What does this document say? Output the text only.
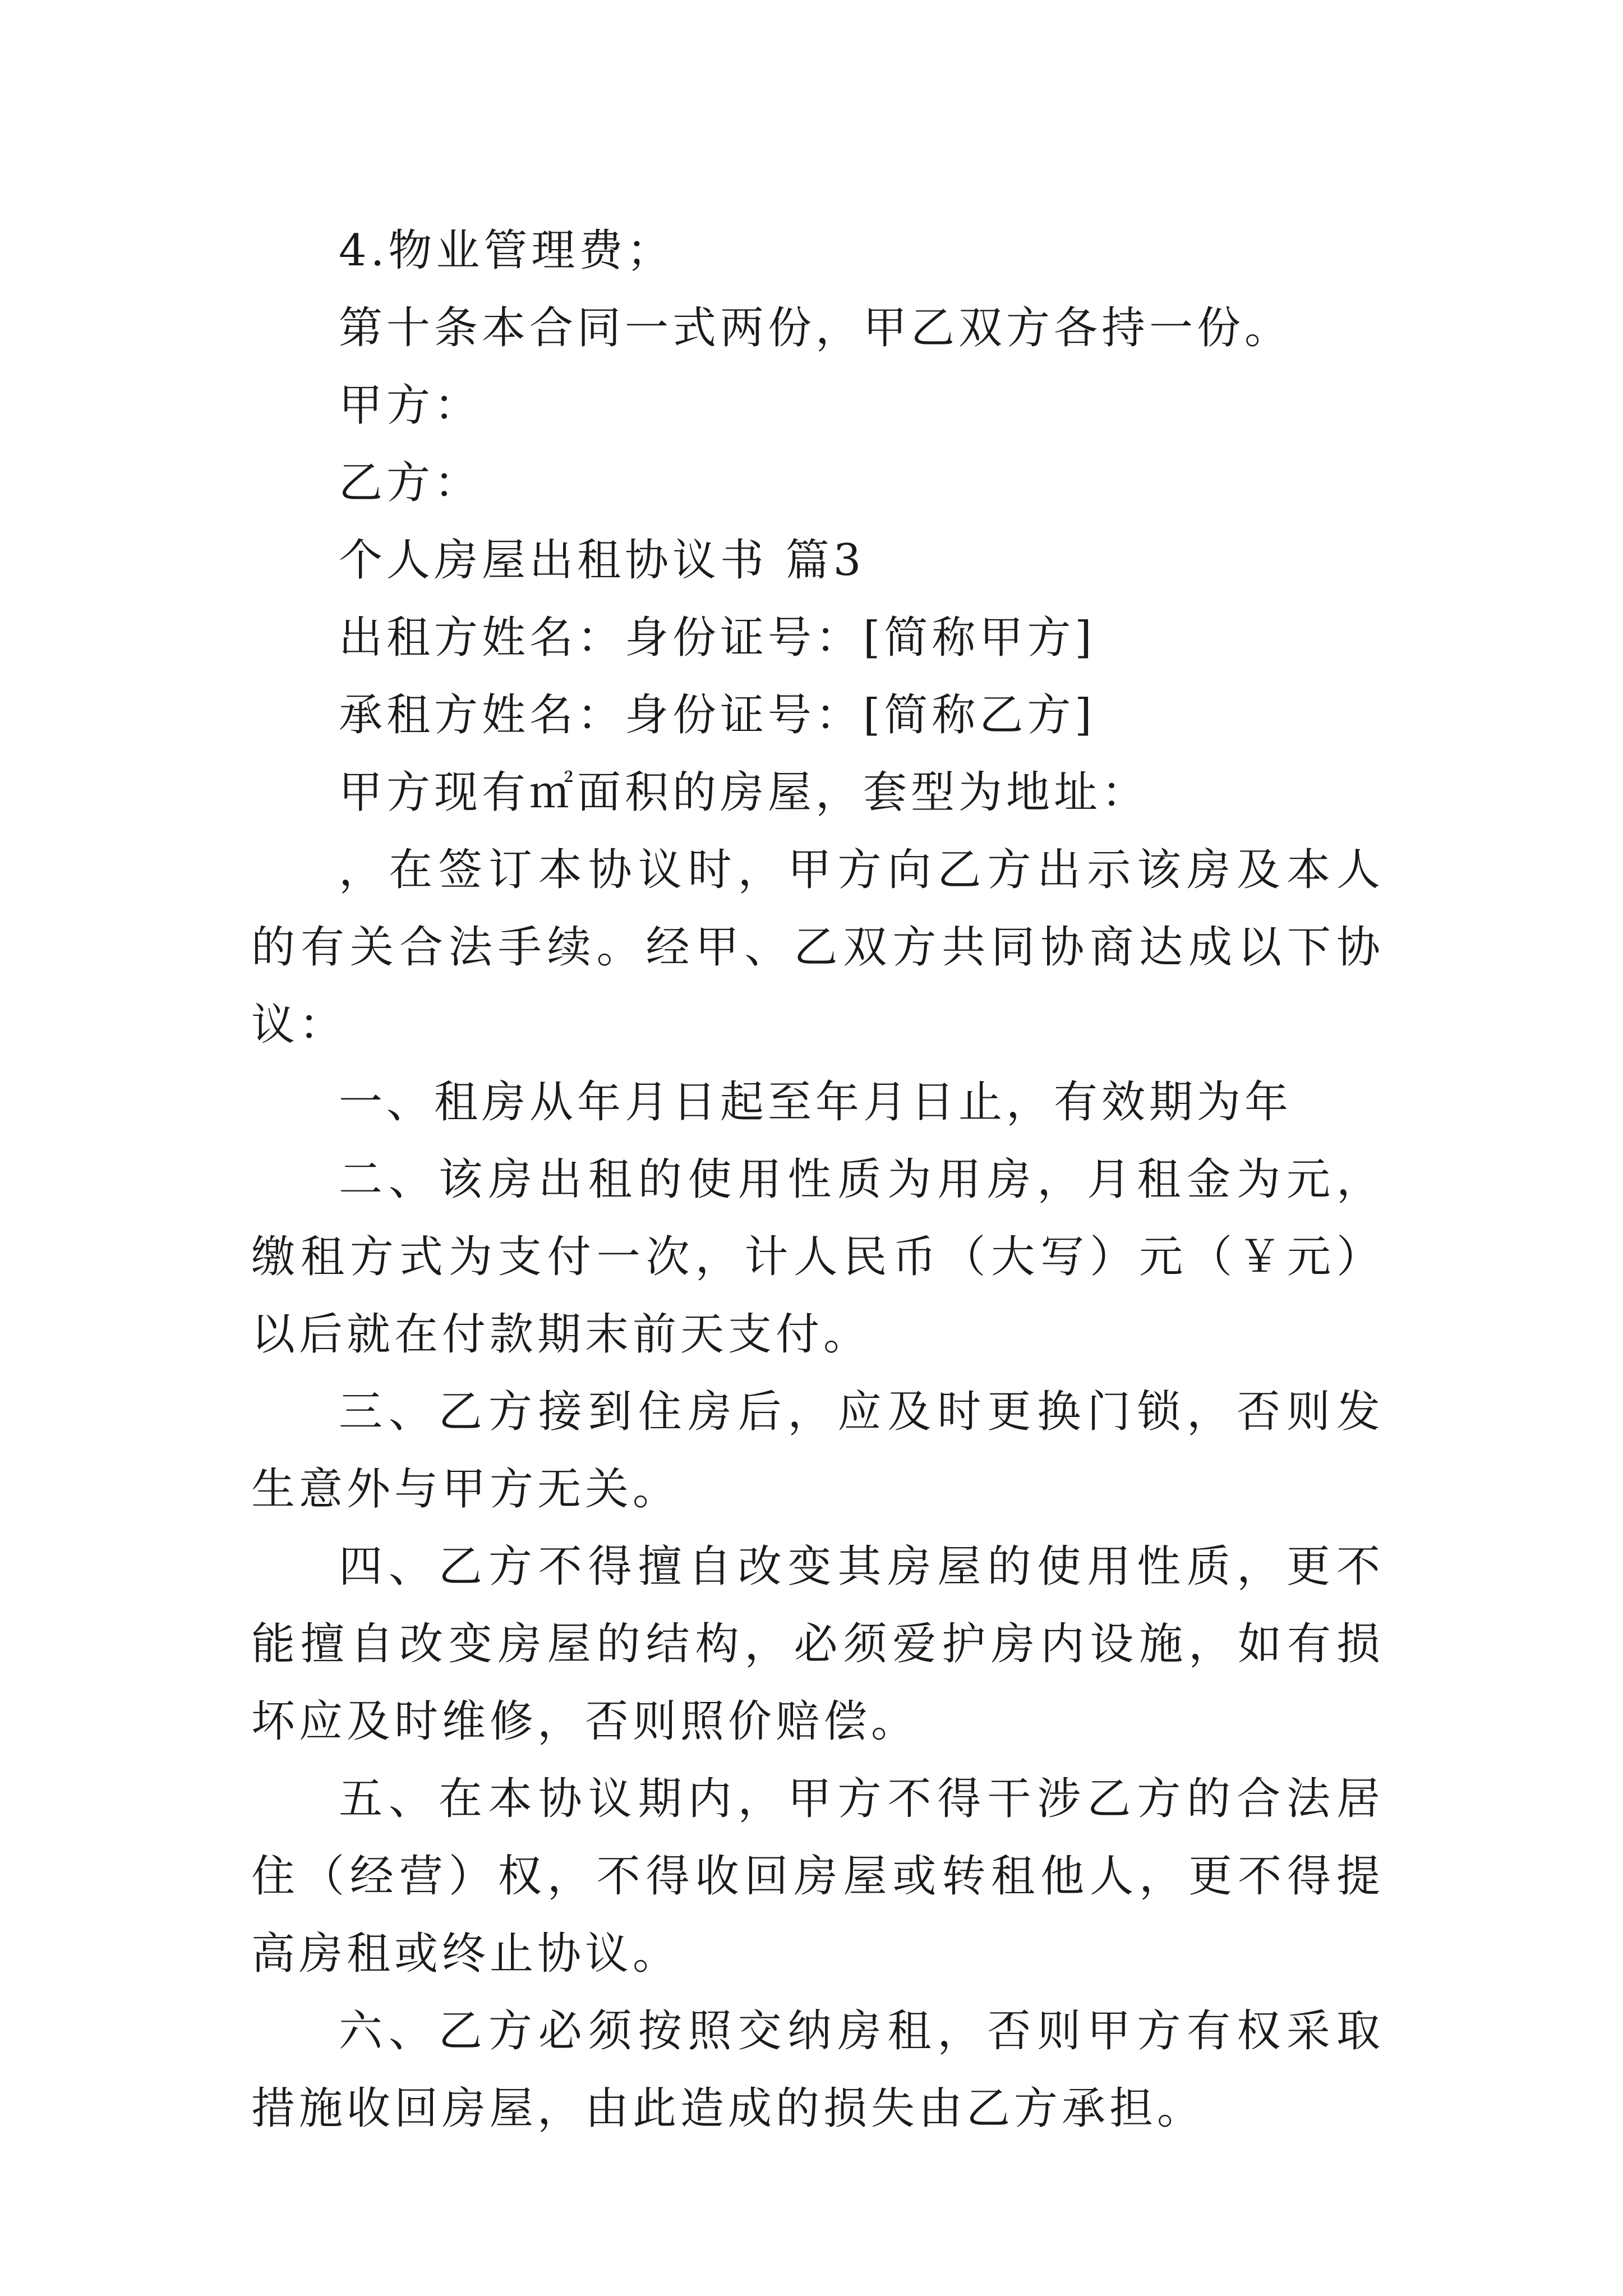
4.物业管理费；

第十条本合同一式两份，甲乙双方各持一份。

甲方：

乙方：

个人房屋出租协议书 篇3

出租方姓名：身份证号：[简称甲方]

承租方姓名：身份证号：[简称乙方]

甲方现有㎡面积的房屋，套型为地址：

，在签订本协议时，甲方向乙方出示该房及本人的有关合法手续。经甲、乙双方共同协商达成以下协议：

一、租房从年月日起至年月日止，有效期为年

二、该房出租的使用性质为用房，月租金为元，缴租方式为支付一次，计人民币（大写）元（￥元）以后就在付款期末前天支付。

三、乙方接到住房后，应及时更换门锁，否则发生意外与甲方无关。

四、乙方不得擅自改变其房屋的使用性质，更不能擅自改变房屋的结构，必须爱护房内设施，如有损坏应及时维修，否则照价赔偿。

五、在本协议期内，甲方不得干涉乙方的合法居住（经营）权，不得收回房屋或转租他人，更不得提高房租或终止协议。

六、乙方必须按照交纳房租，否则甲方有权采取措施收回房屋，由此造成的损失由乙方承担。
